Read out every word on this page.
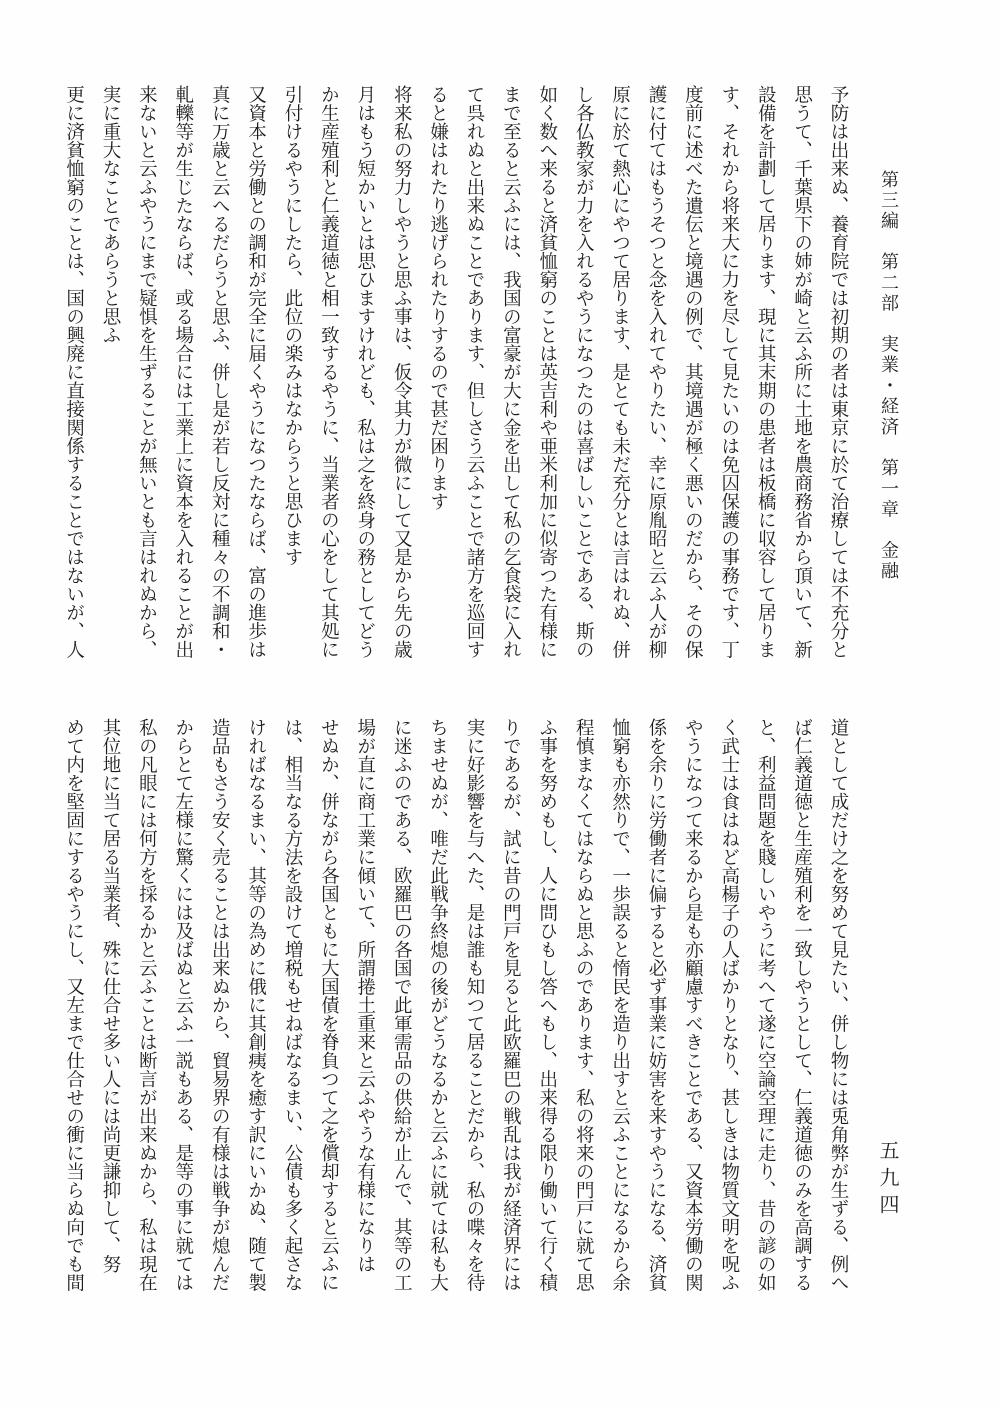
第三編　第二部　実業・経済　第一章　金融
五九四
予防は出来ぬ、養育院では初期の者は東京に於て治療しては不充分と
思うて、千葉県下の姉が崎と云ふ所に土地を農商務省から頂いて、新
設備を計劃して居ります、現に其末期の患者は板橋に収容して居りま
す、それから将来大に力を尽して見たいのは免囚保護の事務です、丁
度前に述べた遺伝と境遇の例で、其境遇が極く悪いのだから、その保
護に付てはもうそつと念を入れてやりたい、幸に原胤昭と云ふ人が柳
原に於て熱心にやつて居ります、是とても未だ充分とは言はれぬ、併
し各仏教家が力を入れるやうになつたのは喜ばしいことである、斯の
如く数へ来ると済貧恤窮のことは英吉利や亜米利加に似寄つた有様に
まで至ると云ふには、我国の富豪が大に金を出して私の乞食袋に入れ
て呉れぬと出来ぬことであります、但しさう云ふことで諸方を巡回す
ると嫌はれたり逃げられたりするので甚だ困ります
将来私の努力しやうと思ふ事は、仮令其力が微にして又是から先の歳
月はもう短かいとは思ひますけれども、私は之を終身の務としてどう
か生産殖利と仁義道徳と相一致するやうに、当業者の心をして其処に
引付けるやうにしたら、此位の楽みはなからうと思ひます
又資本と労働との調和が完全に届くやうになつたならば、富の進歩は
真に万歳と云へるだらうと思ふ、併し是が若し反対に種々の不調和・
軋轢等が生じたならば、或る場合には工業上に資本を入れることが出
来ないと云ふやうにまで疑惧を生ずることが無いとも言はれぬから、
実に重大なことであらうと思ふ
更に済貧恤窮のことは、国の興廃に直接関係することではないが、人
道として成だけ之を努めて見たい、併し物には兎角弊が生ずる、例へ
ば仁義道徳と生産殖利を一致しやうとして、仁義道徳のみを高調する
と、利益問題を賤しいやうに考へて遂に空論空理に走り、昔の諺の如
く武士は食はねど高楊子の人ばかりとなり、甚しきは物質文明を呪ふ
やうになつて来るから是も亦顧慮すべきことである、又資本労働の関
係を余りに労働者に偏すると必ず事業に妨害を来すやうになる、済貧
恤窮も亦然りで、一歩誤ると惰民を造り出すと云ふことになるから余
程慎まなくてはならぬと思ふのであります、私の将来の門戸に就て思
ふ事を努めもし、人に問ひもし答へもし、出来得る限り働いて行く積
りであるが、試に昔の門戸を見ると此欧羅巴の戦乱は我が経済界には
実に好影響を与へた、是は誰も知つて居ることだから、私の喋々を待
ちませぬが、唯だ此戦争終熄の後がどうなるかと云ふに就ては私も大
に迷ふのである、欧羅巴の各国で此軍需品の供給が止んで、其等の工
場が直に商工業に傾いて、所謂捲土重来と云ふやうな有様になりは
せぬか、併ながら各国ともに大国債を脊負つて之を償却すると云ふに
は、相当なる方法を設けて増税もせねばなるまい、公債も多く起さな
ければなるまい、其等の為めに俄に其創痍を癒す訳にいかぬ、随て製
造品もさう安く売ることは出来ぬから、貿易界の有様は戦争が熄んだ
からとて左様に驚くには及ばぬと云ふ一説もある、是等の事に就ては
私の凡眼には何方を採るかと云ふことは断言が出来ぬから、私は現在
其位地に当て居る当業者、殊に仕合せ多い人には尚更謙抑して、努
めて内を堅固にするやうにし、又左まで仕合せの衝に当らぬ向でも間
